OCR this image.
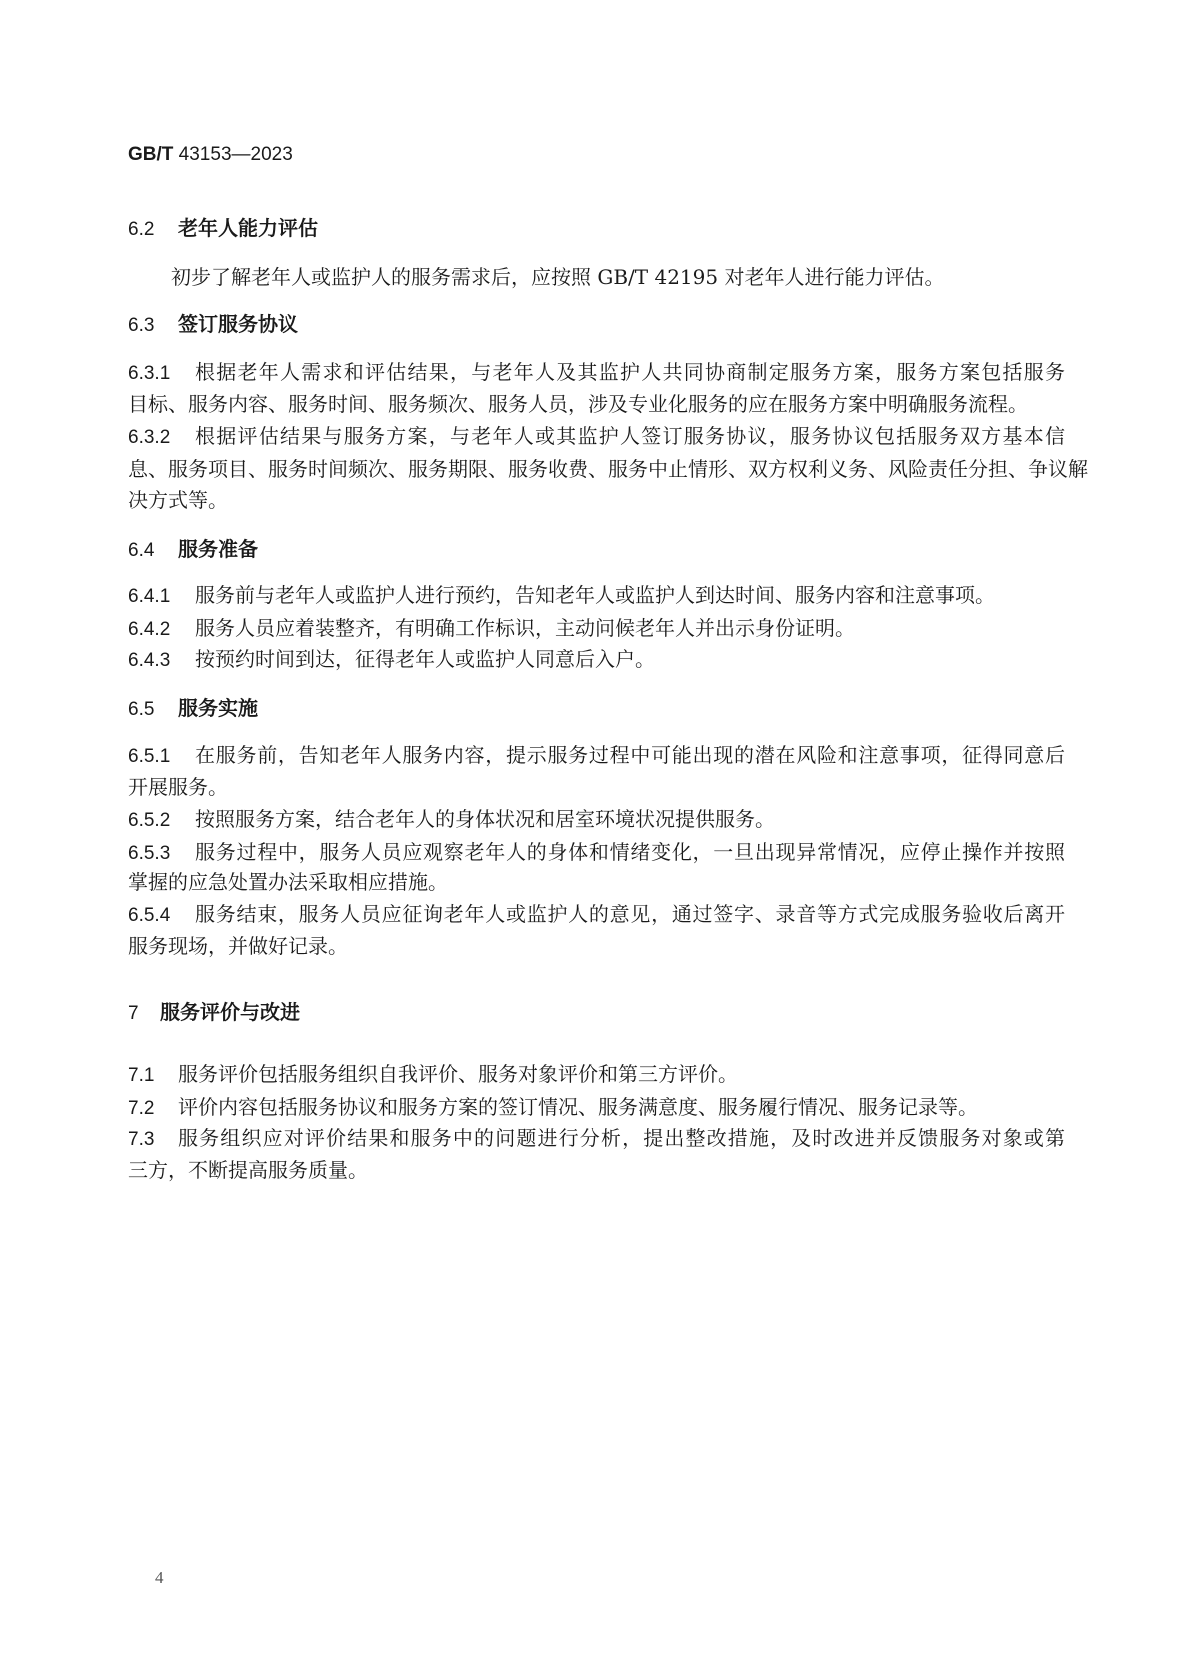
GB/T 43153—2023
6.2	老年人能力评估
初步了解老年人或监护人的服务需求后，应按照 GB/T 42195 对老年人进行能力评估。
6.3	签订服务协议
6.3.1	根据老年人需求和评估结果，与老年人及其监护人共同协商制定服务方案，服务方案包括服务
目标、服务内容、服务时间、服务频次、服务人员，涉及专业化服务的应在服务方案中明确服务流程。
6.3.2	根据评估结果与服务方案，与老年人或其监护人签订服务协议，服务协议包括服务双方基本信
息、服务项目、服务时间频次、服务期限、服务收费、服务中止情形、双方权利义务、风险责任分担、争议解
决方式等。
6.4	服务准备
6.4.1	服务前与老年人或监护人进行预约，告知老年人或监护人到达时间、服务内容和注意事项。
6.4.2	服务人员应着装整齐，有明确工作标识，主动问候老年人并出示身份证明。
6.4.3	按预约时间到达，征得老年人或监护人同意后入户。
6.5	服务实施
6.5.1	在服务前，告知老年人服务内容，提示服务过程中可能出现的潜在风险和注意事项，征得同意后
开展服务。
6.5.2	按照服务方案，结合老年人的身体状况和居室环境状况提供服务。
6.5.3	服务过程中，服务人员应观察老年人的身体和情绪变化，一旦出现异常情况，应停止操作并按照
掌握的应急处置办法采取相应措施。
6.5.4	服务结束，服务人员应征询老年人或监护人的意见，通过签字、录音等方式完成服务验收后离开
服务现场，并做好记录。
7	服务评价与改进
7.1	服务评价包括服务组织自我评价、服务对象评价和第三方评价。
7.2	评价内容包括服务协议和服务方案的签订情况、服务满意度、服务履行情况、服务记录等。
7.3	服务组织应对评价结果和服务中的问题进行分析，提出整改措施，及时改进并反馈服务对象或第
三方，不断提高服务质量。
4
